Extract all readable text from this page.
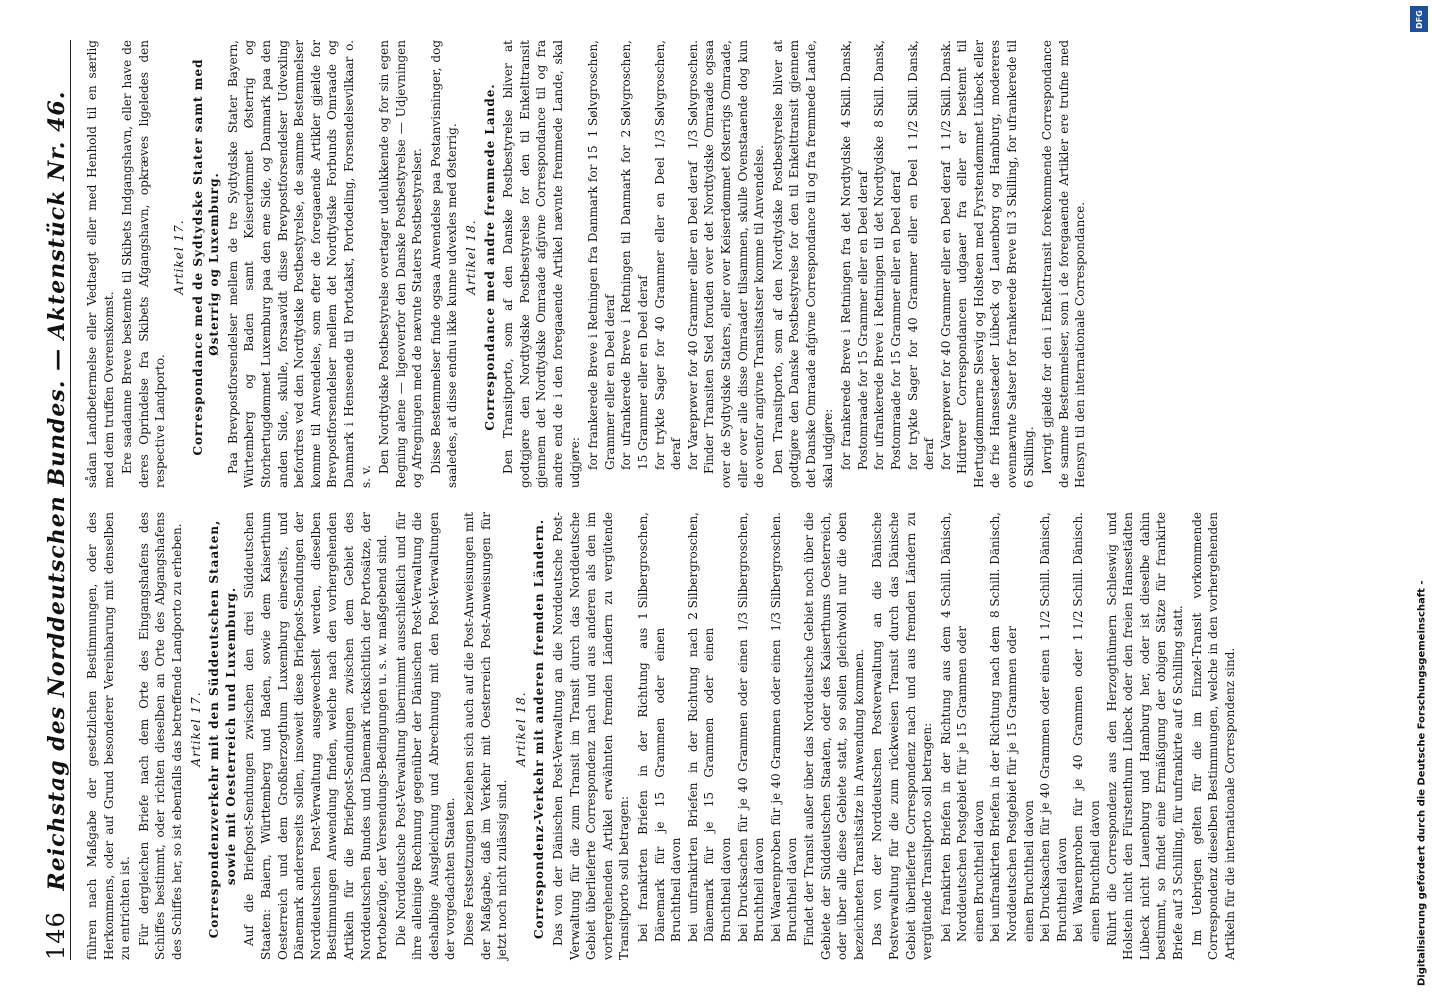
146
Reichstag des Norddeutschen Bundes. — Aktenstück Nr. 46. führen nach Maßgabe der gesetzlichen Bestimmungen, oder des Herkommens, oder auf Grund besonderer Vereinbarung mit denselben zu entrichten ist. Für dergleichen Briefe nach dem Orte des Eingangshafens des Schiffes bestimmt, oder richten dieselben an Orte des Abgangshafens des Schiffes her, so ist ebenfalls das betreffende Landporto zu erheben. Artikel 17. Correspondenzverkehr mit den Süddeutschen Staaten, sowie mit Oesterreich und Luxemburg. Auf die Briefpost-Sendungen zwischen den drei Süddeutschen Staaten: Baiern, Württemberg und Baden, sowie dem Kaiserthum Oesterreich und dem Großherzogthum Luxemburg einerseits, und Dänemark andererseits sollen, insoweit diese Briefpost-Sendungen der Norddeutschen Post-Verwaltung ausgewechselt werden, dieselben Bestimmungen Anwendung finden, welche nach den vorhergehenden Artikeln für die Briefpost-Sendungen zwischen dem Gebiet des Norddeutschen Bundes und Dänemark rücksichtlich der Portosätze, der Portobezüge, der Versendungs-Bedingungen u. s. w. maßgebend sind. Die Norddeutsche Post-Verwaltung übernimmt ausschließlich und für ihre alleinige Rechnung gegenüber der Dänischen Post-Verwaltung die deshalbige Ausgleichung und Abrechnung mit den Post-Verwaltungen der vorgedachten Staaten. Diese Festsetzungen beziehen sich auch auf die Post-Anweisungen mit der Maßgabe, daß im Verkehr mit Oesterreich Post-Anweisungen für jetzt noch nicht zulässig sind.

Artikel 18. Correspondenz-Verkehr mit anderen fremden Ländern. Das von der Dänischen Post-Verwaltung an die Norddeutsche Post-Verwaltung für die zum Transit im Transit durch das Norddeutsche Gebiet überlieferte Correspondenz nach und aus anderen als den im vorhergehenden Artikel erwähnten fremden Ländern zu vergütende Transitporto soll betragen: bei frankirten Briefen in der Richtung aus Dänemark für je 15 Grammen oder einen Bruchtheil davon
1 Silbergroschen,
bei unfrankirten Briefen in der Richtung nach Dänemark für je 15 Grammen oder einen Bruchtheil davon
2 Silbergroschen,
bei Drucksachen für je 40 Grammen oder einen Bruchtheil davon
1/3 Silbergroschen,
bei Waarenproben für je 40 Grammen oder einen Bruchtheil davon
1/3 Silbergroschen.	Findet der Transit außer über das Norddeutsche Gebiet noch über die Gebiete der Süddeutschen Staaten, oder des Kaiserthums Oesterreich, oder über alle diese Gebiete statt, so sollen gleichwohl nur die oben bezeichneten Transitsätze in Anwendung kommen. Das von der Norddeutschen Postverwaltung an die Dänische Postverwaltung für die zum rückweisen Transit durch das Dänische Gebiet überlieferte Correspondenz nach und aus fremden Ländern zu vergütende Transitporto soll betragen: bei frankirten Briefen in der Richtung aus dem Norddeutschen Postgebiet für je 15 Grammen oder einen Bruchtheil davon
4 Schill. Dänisch,
bei unfrankirten Briefen in der Richtung nach dem Norddeutschen Postgebiet für je 15 Grammen oder einen Bruchtheil davon
8 Schill. Dänisch,
bei Drucksachen für je 40 Grammen oder einen Bruchtheil davon
1 1/2 Schill. Dänisch,
bei Waarenproben für je 40 Grammen oder einen Bruchtheil davon
1 1/2 Schill. Dänisch.	Rührt die Correspondenz aus den Herzogthümern Schleswig und Holstein nicht den Fürstenthum Lübeck oder den freien Hansestädten Lübeck nicht Lauenburg und Hamburg her, oder ist dieselbe dahin bestimmt, so findet eine Ermäßigung der obigen Sätze für frankirte Briefe auf 3 Schilling, für unfrankirte auf 6 Schilling statt. Im Uebrigen gelten für die im Einzel-Transit vorkommende Correspondenz dieselben Bestimmungen, welche in den vorhergehenden Artikeln für die internationale Correspondenz sind.

sådan Landbetermelse eller Vedtaegt eller med Henhold til en særlig med dem truffen Overenskomst. Ere saadanne Breve bestemte til Skibets Indgangshavn, eller have de deres Oprindelse fra Skibets Afgangshavn, opkræves ligeledes den respective Landporto.

Artikel 17. Correspondance med de Sydtydske Stater samt med Østerrig og Luxemburg. Paa Brevpostforsendelser mellem de tre Sydtydske Stater Bayern, Würtemberg og Baden samt Keiserdømmet Østerrig og Storhertugdømmet Luxemburg paa den ene Side, og Danmark paa den anden Side, skulle, forsaavidt disse Brevpostforsendelser Udvexling befordres ved den Nordtydske Postbestyrelse, de samme Bestemmelser komme til Anvendelse, som efter de foregaaende Artikler gjælde for Brevpostforsendelser mellem det Nordtydske Forbunds Omraade og Danmark i Henseende til Portotakst, Portodeling, Forsendelsevilkaar o. s. v.

Den Nordtydske Postbestyrelse overtager udelukkende og for sin egen Regning alene — ligeoverfor den Danske Postbestyrelse — Udjevningen og Afregningen med de nævnte Staters Postbestyrelser. Disse Bestemmelser finde ogsaa Anvendelse paa Postanvisninger, dog saaledes, at disse endnu ikke kunne udvexles med Østerrig. Artikel 18. Correspondance med andre fremmede Lande. Den Transitporto, som af den Danske Postbestyrelse bliver at godtgjøre den Nordtydske Postbestyrelse for den til Enkelttransit gjennem det Nordtydske Omraade afgivne Correspondance til og fra andre end de i den foregaaende Artikel nævnte fremmede Lande, skal udgjøre: for frankerede Breve i Retningen fra Danmark for 15 Grammer eller en Deel deraf
1 Sølvgroschen,
for ufrankerede Breve i Retningen til Danmark for 15 Grammer eller en Deel deraf
2 Sølvgroschen,
for trykte Sager for 40 Grammer eller en Deel deraf
1/3 Sølvgroschen,
for Vareprøver for 40 Grammer eller en Deel deraf
1/3 Sølvgroschen. Finder Transiten Sted foruden over det Nordtydske Omraade ogsaa over de Sydtydske Staters, eller over Keiserdømmet Østerrigs Omraade, eller over alle disse Omraader tilsammen, skulle Ovenstaaende dog kun de ovenfor angivne Transitsatser komme til Anvendelse. Den Transitporto, som af den Nordtydske Postbestyrelse bliver at godtgjøre den Danske Postbestyrelse for den til Enkelttransit gjennem det Danske Omraade afgivne Correspondance til og fra fremmede Lande, skal udgjøre: for frankerede Breve i Retningen fra det Nordtydske Postomraade for 15 Grammer eller en Deel deraf
4 Skill. Dansk,
for ufrankerede Breve i Retningen til det Nordtydske Postomraade for 15 Grammer eller en Deel deraf
8 Skill. Dansk,
for trykte Sager for 40 Grammer eller en Deel deraf
1 1/2 Skill. Dansk,
for Vareprøver for 40 Grammer eller en Deel deraf
1 1/2 Skill. Dansk. Hidrører Correspondancen udgaaer fra eller er bestemt til Hertugdømmerne Slesvig og Holsteen med Fyrstendømmet Lübeck eller de frie Hansestæder Lübeck og Lauenborg og Hamburg, modereres ovennævnte Satser for frankerede Breve til 3 Skilling, for ufrankerede til 6 Skilling. Iøvrigt gjælde for den i Enkelttransit forekommende Correspondance de samme Bestemmelser, som i de foregaaende Artikler ere trufne med Hensyn til den internationale Correspondance.

DFG
Digitalisierung gefördert durch die Deutsche Forschungsgemeinschaft -
